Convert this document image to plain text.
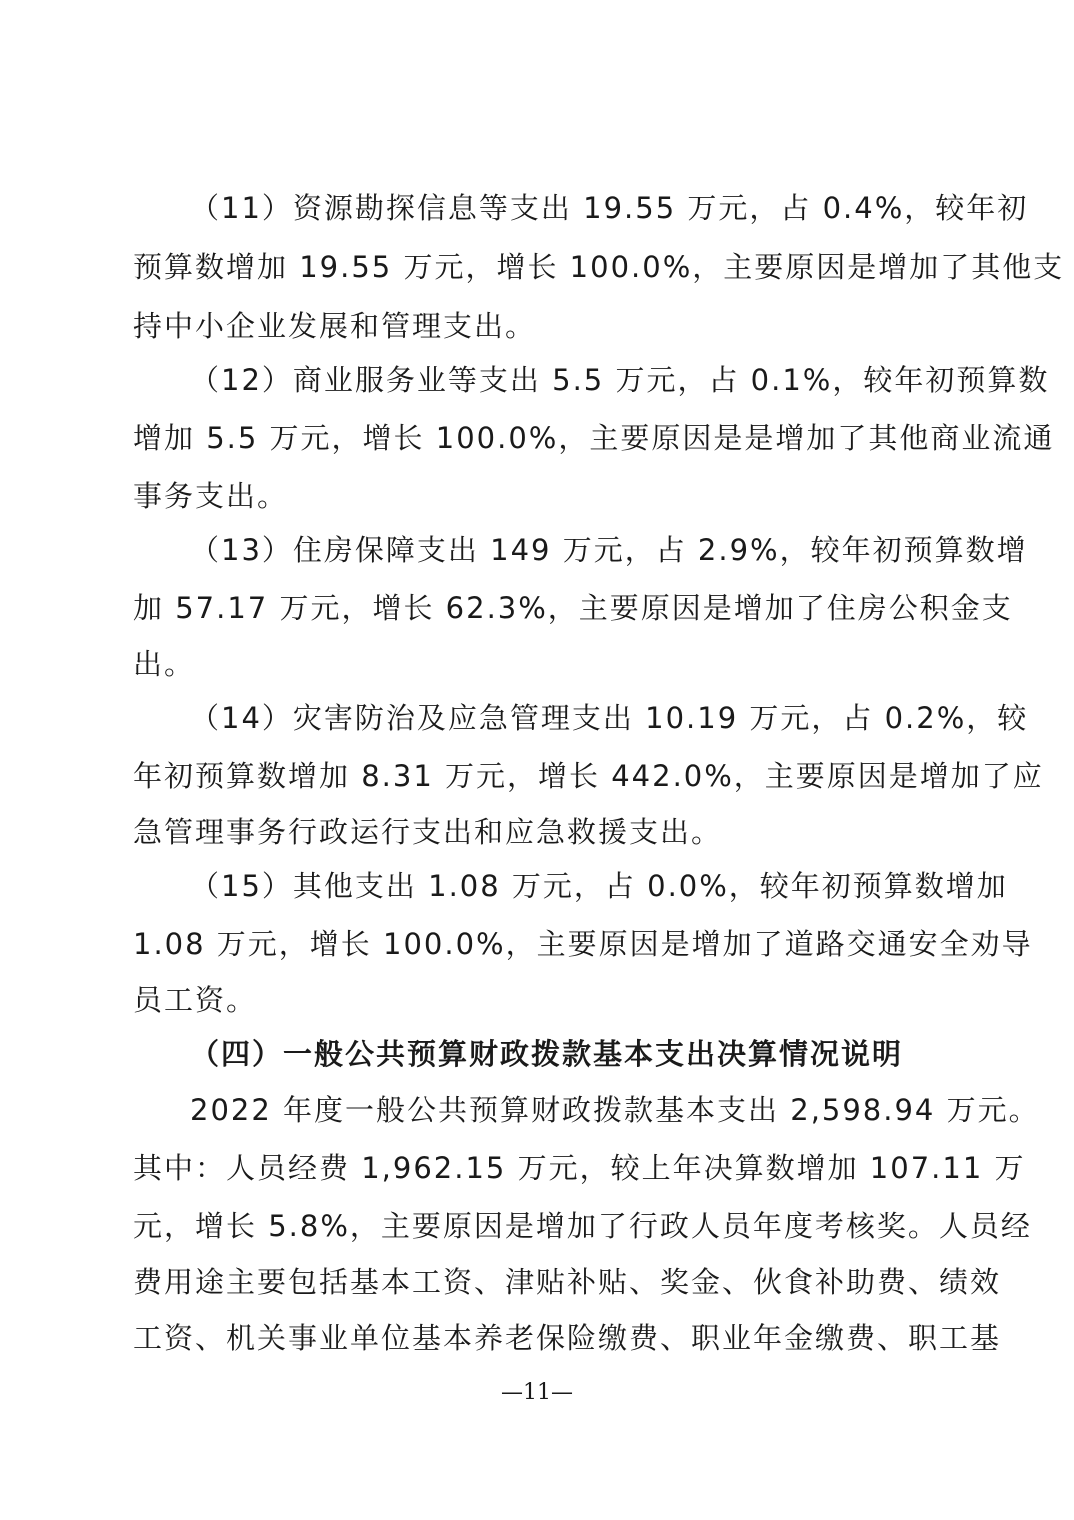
（11）资源勘探信息等支出 19.55 万元，占 0.4%，较年初
预算数增加 19.55 万元，增长 100.0%，主要原因是增加了其他支
持中小企业发展和管理支出。
（12）商业服务业等支出 5.5 万元，占 0.1%，较年初预算数
增加 5.5 万元，增长 100.0%，主要原因是是增加了其他商业流通
事务支出。
（13）住房保障支出 149 万元，占 2.9%，较年初预算数增
加 57.17 万元，增长 62.3%，主要原因是增加了住房公积金支
出。
（14）灾害防治及应急管理支出 10.19 万元，占 0.2%，较
年初预算数增加 8.31 万元，增长 442.0%，主要原因是增加了应
急管理事务行政运行支出和应急救援支出。
（15）其他支出 1.08 万元，占 0.0%，较年初预算数增加
1.08 万元，增长 100.0%，主要原因是增加了道路交通安全劝导
员工资。
（四）一般公共预算财政拨款基本支出决算情况说明
2022 年度一般公共预算财政拨款基本支出 2,598.94 万元。
其中：人员经费 1,962.15 万元，较上年决算数增加 107.11 万
元，增长 5.8%，主要原因是增加了行政人员年度考核奖。人员经
费用途主要包括基本工资、津贴补贴、奖金、伙食补助费、绩效
工资、机关事业单位基本养老保险缴费、职业年金缴费、职工基
—11—
